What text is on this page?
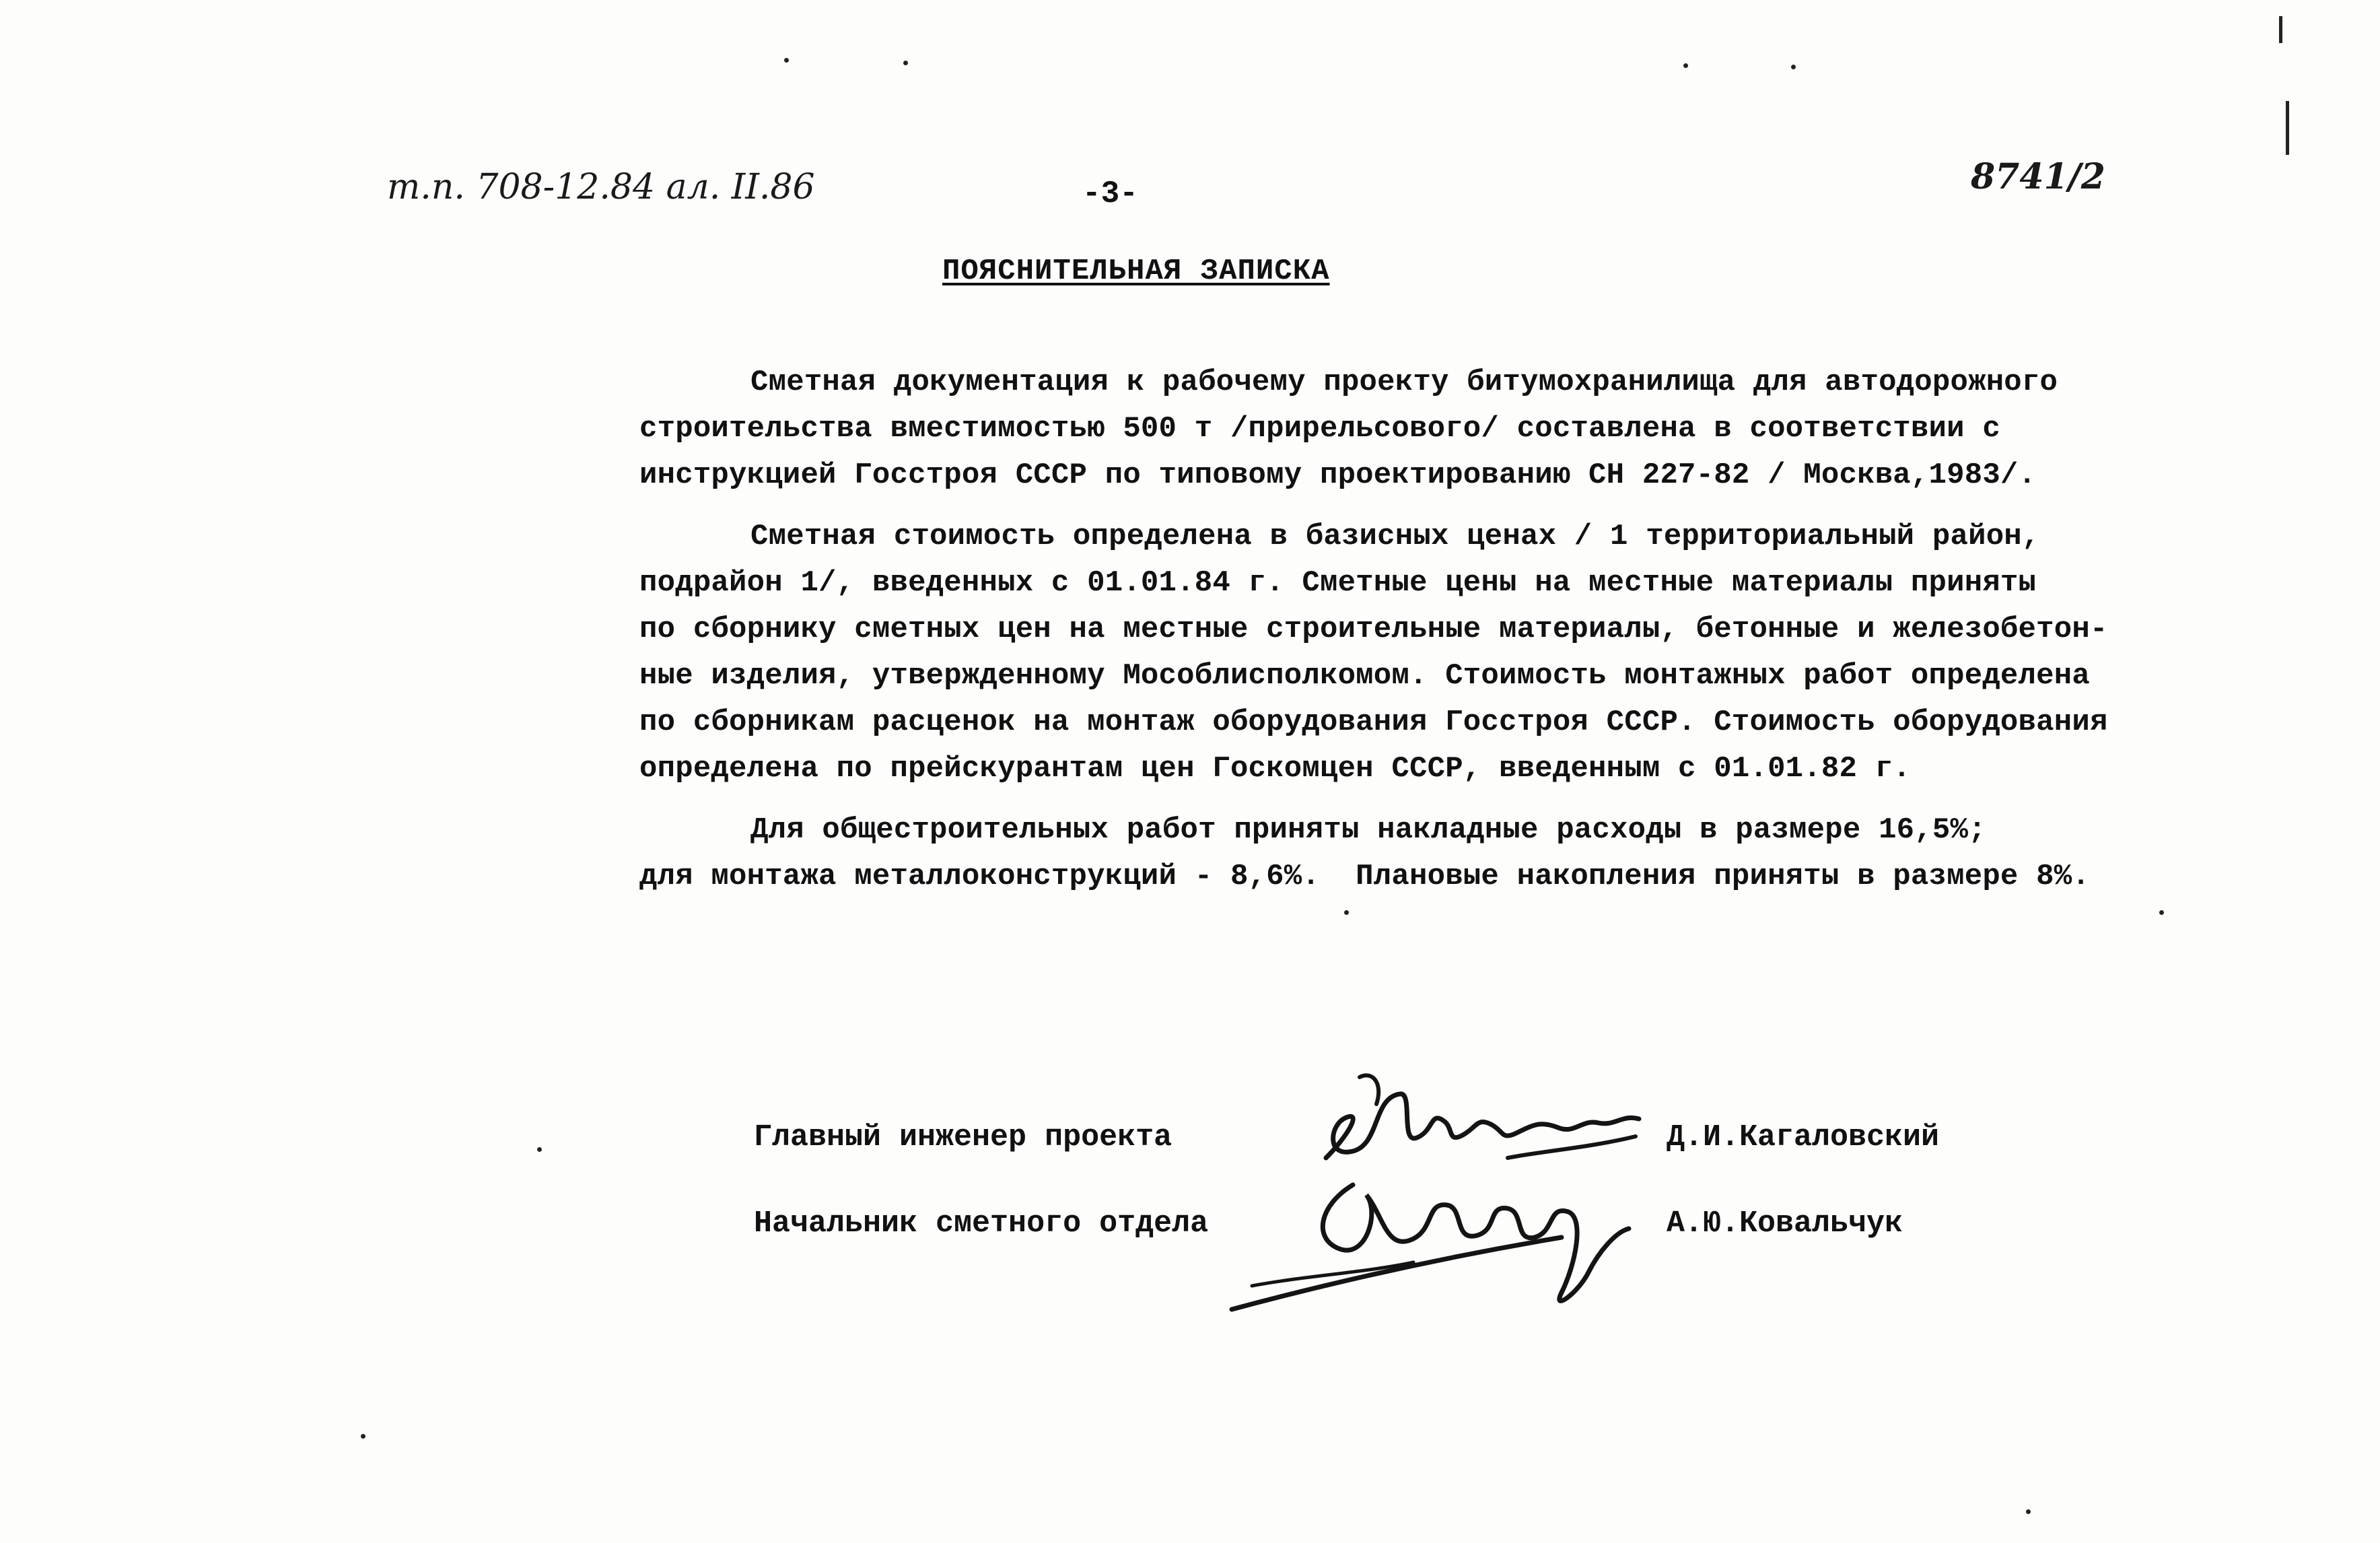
т.п. 708-12.84 ал. II.86	-3-	8741/2
ПОЯСНИТЕЛЬНАЯ ЗАПИСКА
Сметная документация к рабочему проекту битумохранилища для автодорожного
строительства вместимостью 500 т /прирельсового/ составлена в соответствии с
инструкцией Госстроя СССР по типовому проектированию СН 227-82 / Москва,1983/.
Сметная стоимость определена в базисных ценах / 1 территориальный район,
подрайон 1/, введенных с 01.01.84 г. Сметные цены на местные материалы приняты
по сборнику сметных цен на местные строительные материалы, бетонные и железобетон-
ные изделия, утвержденному Мособлисполкомом. Стоимость монтажных работ определена
по сборникам расценок на монтаж оборудования Госстроя СССР. Стоимость оборудования
определена по прейскурантам цен Госкомцен СССР, введенным с 01.01.82 г.
Для общестроительных работ приняты накладные расходы в размере 16,5%;
для монтажа металлоконструкций - 8,6%.  Плановые накопления приняты в размере 8%.
Главный инженер проекта	Д.И.Кагаловский
Начальник сметного отдела	А.Ю.Ковальчук
